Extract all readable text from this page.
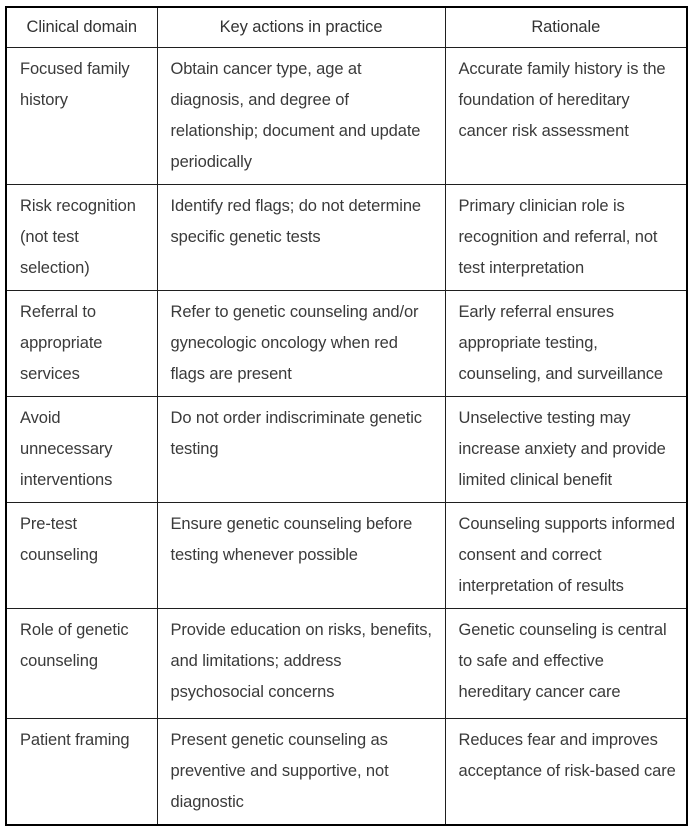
Clinical domain	Key actions in practice	Rationale
Focused family history	Obtain cancer type, age at diagnosis, and degree of relationship; document and update periodically	Accurate family history is the foundation of hereditary cancer risk assessment
Risk recognition (not test selection)	Identify red flags; do not determine specific genetic tests	Primary clinician role is recognition and referral, not test interpretation
Referral to appropriate services	Refer to genetic counseling and/or gynecologic oncology when red flags are present	Early referral ensures appropriate testing, counseling, and surveillance
Avoid unnecessary interventions	Do not order indiscriminate genetic testing	Unselective testing may increase anxiety and provide limited clinical benefit
Pre-test counseling	Ensure genetic counseling before testing whenever possible	Counseling supports informed consent and correct interpretation of results
Role of genetic counseling	Provide education on risks, benefits, and limitations; address psychosocial concerns	Genetic counseling is central to safe and effective hereditary cancer care
Patient framing	Present genetic counseling as preventive and supportive, not diagnostic	Reduces fear and improves acceptance of risk-based care
